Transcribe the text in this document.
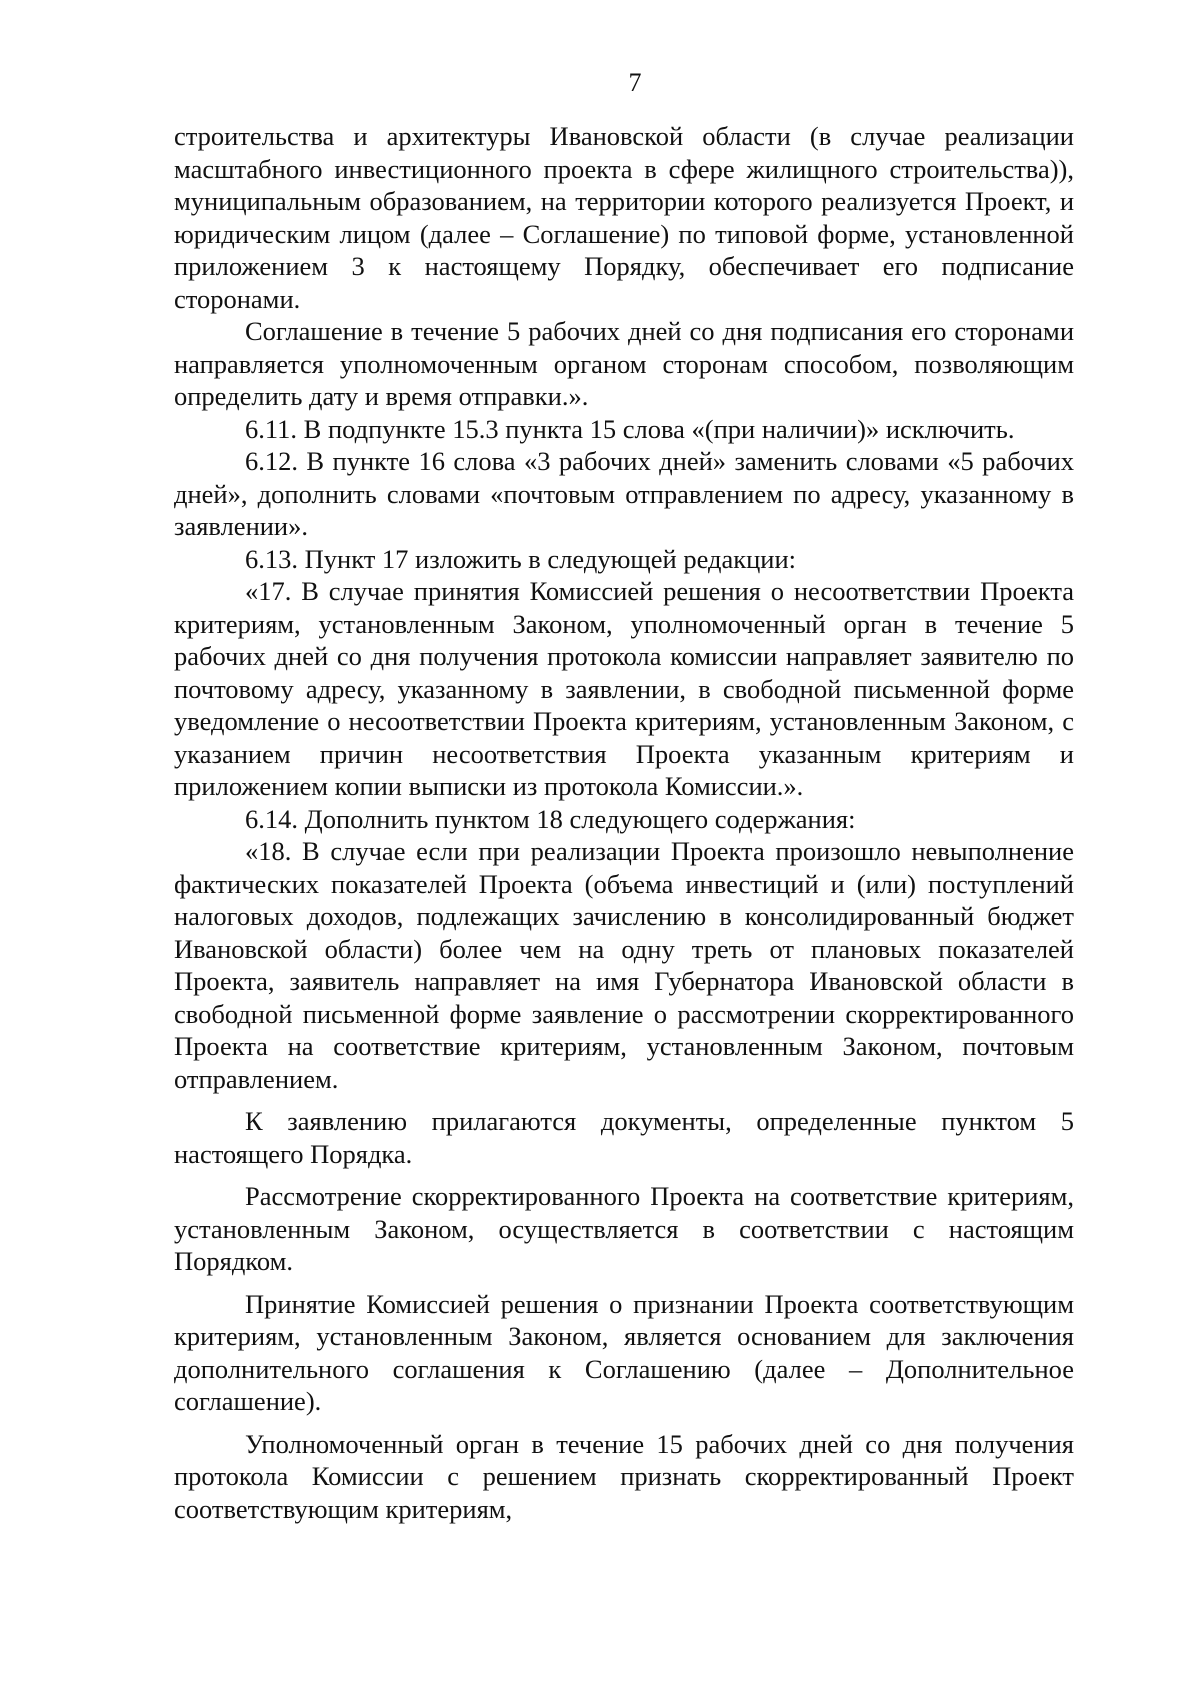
7

строительства и архитектуры Ивановской области (в случае реализации масштабного инвестиционного проекта в сфере жилищного строительства)), муниципальным образованием, на территории которого реализуется Проект, и юридическим лицом (далее – Соглашение) по типовой форме, установленной приложением 3 к настоящему Порядку, обеспечивает его подписание сторонами.

Соглашение в течение 5 рабочих дней со дня подписания его сторонами направляется уполномоченным органом сторонам способом, позволяющим определить дату и время отправки.».

6.11. В подпункте 15.3 пункта 15 слова «(при наличии)» исключить.

6.12. В пункте 16 слова «3 рабочих дней» заменить словами «5 рабочих дней», дополнить словами «почтовым отправлением по адресу, указанному в заявлении».

6.13. Пункт 17 изложить в следующей редакции:

«17. В случае принятия Комиссией решения о несоответствии Проекта критериям, установленным Законом, уполномоченный орган в течение 5 рабочих дней со дня получения протокола комиссии направляет заявителю по почтовому адресу, указанному в заявлении, в свободной письменной форме уведомление о несоответствии Проекта критериям, установленным Законом, с указанием причин несоответствия Проекта указанным критериям и приложением копии выписки из протокола Комиссии.».

6.14. Дополнить пунктом 18 следующего содержания:

«18. В случае если при реализации Проекта произошло невыполнение фактических показателей Проекта (объема инвестиций и (или) поступлений налоговых доходов, подлежащих зачислению в консолидированный бюджет Ивановской области) более чем на одну треть от плановых показателей Проекта, заявитель направляет на имя Губернатора Ивановской области в свободной письменной форме заявление о рассмотрении скорректированного Проекта на соответствие критериям, установленным Законом, почтовым отправлением.

К заявлению прилагаются документы, определенные пунктом 5 настоящего Порядка.

Рассмотрение скорректированного Проекта на соответствие критериям, установленным Законом, осуществляется в соответствии с настоящим Порядком.

Принятие Комиссией решения о признании Проекта соответствующим критериям, установленным Законом, является основанием для заключения дополнительного соглашения к Соглашению (далее – Дополнительное соглашение).

Уполномоченный орган в течение 15 рабочих дней со дня получения протокола Комиссии с решением признать скорректированный Проект соответствующим критериям,
